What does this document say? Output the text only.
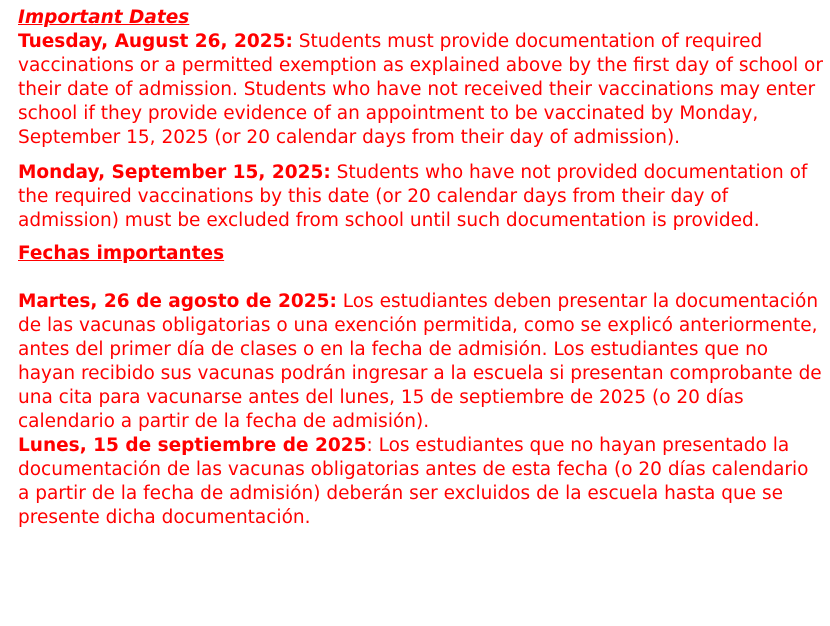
Important Dates

Tuesday, August 26, 2025: Students must provide documentation of required vaccinations or a permitted exemption as explained above by the first day of school or their date of admission. Students who have not received their vaccinations may enter school if they provide evidence of an appointment to be vaccinated by Monday, September 15, 2025 (or 20 calendar days from their day of admission).

Monday, September 15, 2025: Students who have not provided documentation of the required vaccinations by this date (or 20 calendar days from their day of admission) must be excluded from school until such documentation is provided.

Fechas importantes

Martes, 26 de agosto de 2025: Los estudiantes deben presentar la documentación de las vacunas obligatorias o una exención permitida, como se explicó anteriormente, antes del primer día de clases o en la fecha de admisión. Los estudiantes que no hayan recibido sus vacunas podrán ingresar a la escuela si presentan comprobante de una cita para vacunarse antes del lunes, 15 de septiembre de 2025 (o 20 días calendario a partir de la fecha de admisión).

Lunes, 15 de septiembre de 2025: Los estudiantes que no hayan presentado la documentación de las vacunas obligatorias antes de esta fecha (o 20 días calendario a partir de la fecha de admisión) deberán ser excluidos de la escuela hasta que se presente dicha documentación.
